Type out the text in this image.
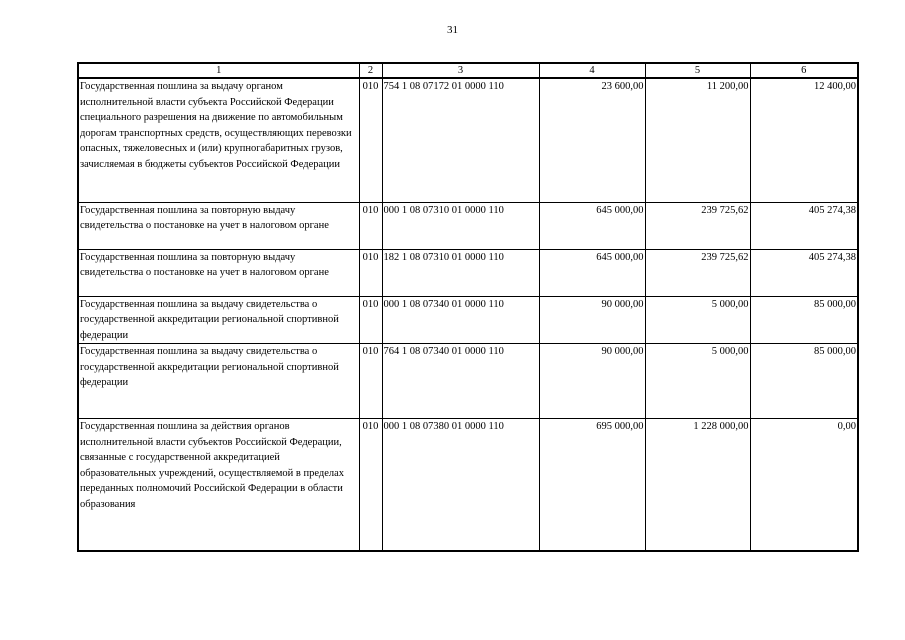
31
1	2	3	4	5	6
Государственная пошлина за выдачу органом исполнительной власти субъекта Российской Федерации специального разрешения на движение по автомобильным дорогам транспортных средств, осуществляющих перевозки опасных, тяжеловесных и (или) крупногабаритных грузов, зачисляемая в бюджеты субъектов Российской Федерации	010	754 1 08 07172 01 0000 110	23 600,00	11 200,00	12 400,00
Государственная пошлина за повторную выдачу свидетельства о постановке на учет в налоговом органе	010	000 1 08 07310 01 0000 110	645 000,00	239 725,62	405 274,38
Государственная пошлина за повторную выдачу свидетельства о постановке на учет в налоговом органе	010	182 1 08 07310 01 0000 110	645 000,00	239 725,62	405 274,38
Государственная пошлина за выдачу свидетельства о государственной аккредитации региональной спортивной федерации	010	000 1 08 07340 01 0000 110	90 000,00	5 000,00	85 000,00
Государственная пошлина за выдачу свидетельства о государственной аккредитации региональной спортивной федерации	010	764 1 08 07340 01 0000 110	90 000,00	5 000,00	85 000,00
Государственная пошлина за действия органов исполнительной власти субъектов Российской Федерации, связанные с государственной аккредитацией образовательных учреждений, осуществляемой в пределах переданных полномочий Российской Федерации в области образования	010	000 1 08 07380 01 0000 110	695 000,00	1 228 000,00	0,00
